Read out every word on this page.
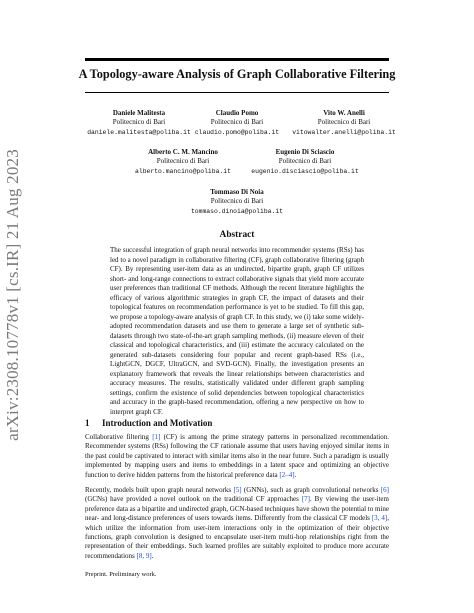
arXiv:2308.10778v1 [cs.IR] 21 Aug 2023
A Topology-aware Analysis of Graph Collaborative Filtering
Daniele Malitesta
Politecnico di Bari
daniele.malitesta@poliba.it
Claudio Pomo
Politecnico di Bari
claudio.pomo@poliba.it
Vito W. Anelli
Politecnico di Bari
vitowalter.anelli@poliba.it
Alberto C. M. Mancino
Politecnico di Bari
alberto.mancino@poliba.it
Eugenio Di Sciascio
Politecnico di Bari
eugenio.disciascio@poliba.it
Tommaso Di Noia
Politecnico di Bari
tommaso.dinoia@poliba.it
Abstract
The successful integration of graph neural networks into recommender systems (RSs) has led to a novel paradigm in collaborative filtering (CF), graph collaborative filtering (graph CF). By representing user-item data as an undirected, bipartite graph, graph CF utilizes short- and long-range connections to extract collaborative signals that yield more accurate user preferences than traditional CF methods. Although the recent literature highlights the efficacy of various algorithmic strategies in graph CF, the impact of datasets and their topological features on recommendation performance is yet to be studied. To fill this gap, we propose a topology-aware analysis of graph CF. In this study, we (i) take some widely-adopted recommendation datasets and use them to generate a large set of synthetic sub-datasets through two state-of-the-art graph sampling methods, (ii) measure eleven of their classical and topological characteristics, and (iii) estimate the accuracy calculated on the generated sub-datasets considering four popular and recent graph-based RSs (i.e., LightGCN, DGCF, UltraGCN, and SVD-GCN). Finally, the investigation presents an explanatory framework that reveals the linear relationships between characteristics and accuracy measures. The results, statistically validated under different graph sampling settings, confirm the existence of solid dependencies between topological characteristics and accuracy in the graph-based recommendation, offering a new perspective on how to interpret graph CF.
1 Introduction and Motivation
Collaborative filtering [1] (CF) is among the prime strategy patterns in personalized recommendation. Recommender systems (RSs) following the CF rationale assume that users having enjoyed similar items in the past could be captivated to interact with similar items also in the near future. Such a paradigm is usually implemented by mapping users and items to embeddings in a latent space and optimizing an objective function to derive hidden patterns from the historical preference data [2–4].
Recently, models built upon graph neural networks [5] (GNNs), such as graph convolutional networks [6] (GCNs) have provided a novel outlook on the traditional CF approaches [7]. By viewing the user-item preference data as a bipartite and undirected graph, GCN-based techniques have shown the potential to mine near- and long-distance preferences of users towards items. Differently from the classical CF models [3, 4], which utilize the information from user-item interactions only in the optimization of their objective functions, graph convolution is designed to encapsulate user-item multi-hop relationships right from the representation of their embeddings. Such learned profiles are suitably exploited to produce more accurate recommendations [8, 9].
Preprint. Preliminary work.
